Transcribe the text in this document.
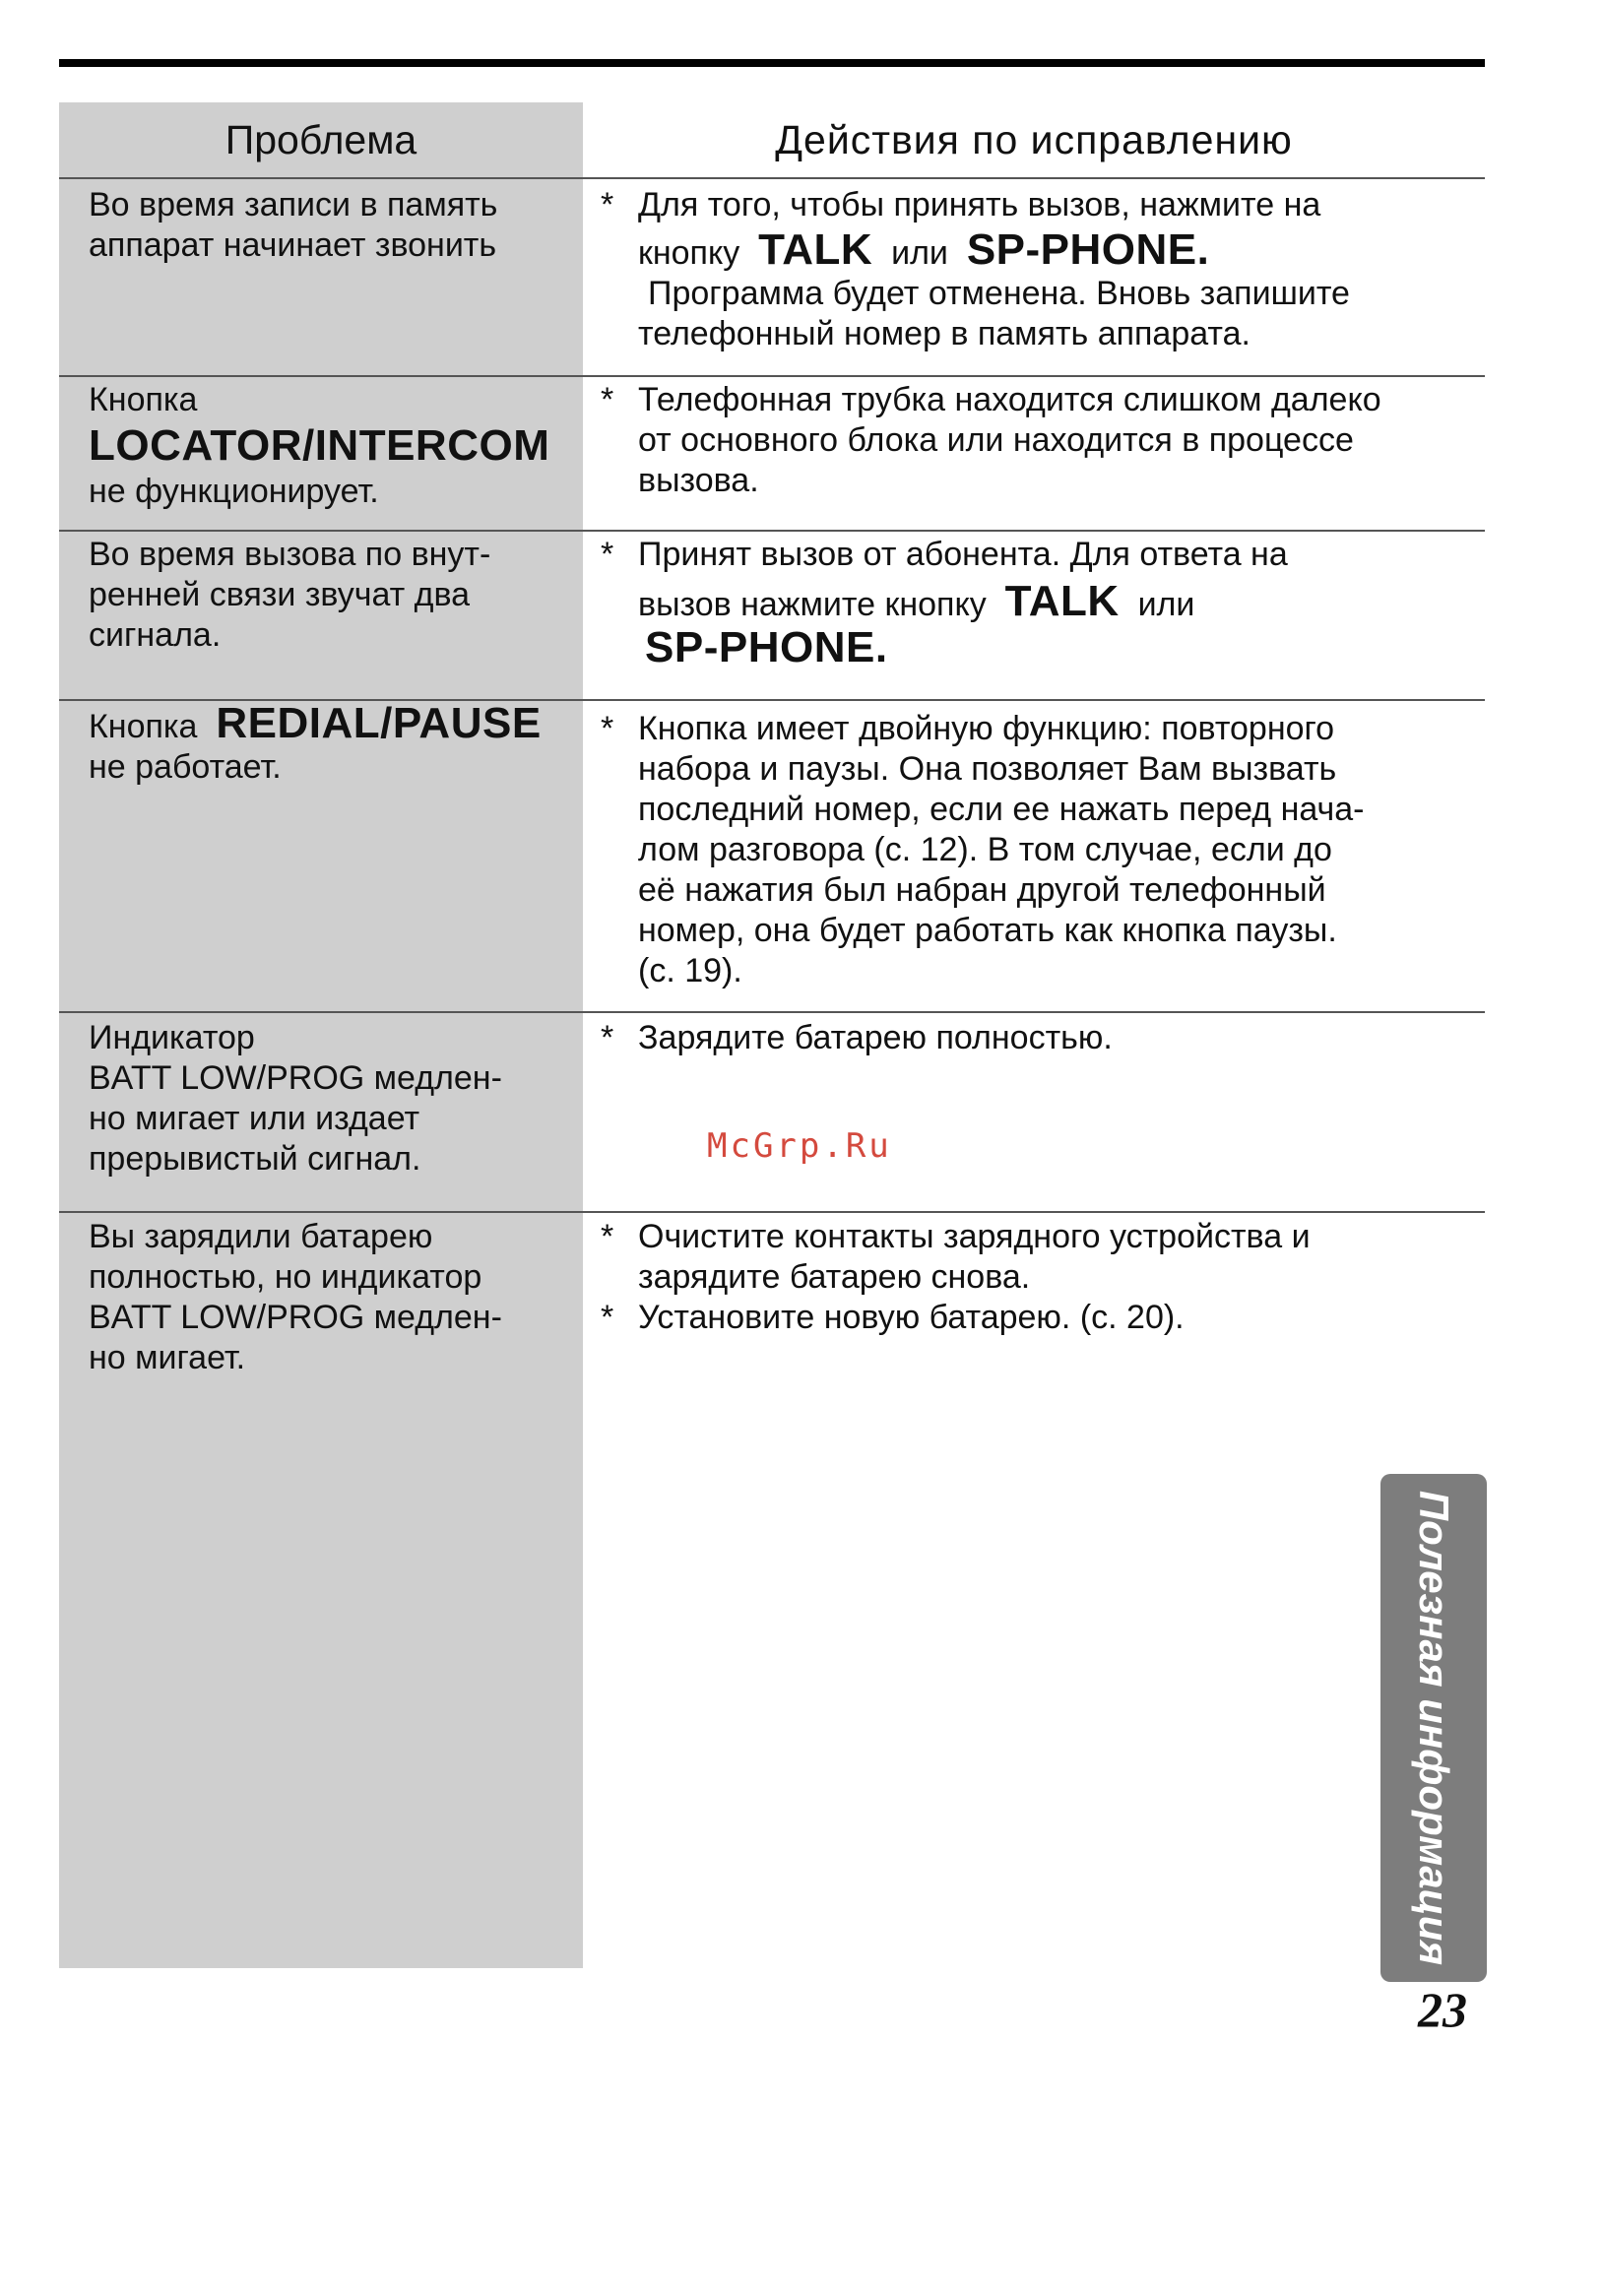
Проблема	Действия по исправлению
Во время записи в память
аппарат начинает звонить
* Для того, чтобы принять вызов, нажмите на
кнопку TALK или SP-PHONE.
Программа будет отменена. Вновь запишите
телефонный номер в память аппарата.
Кнопка
LOCATOR/INTERCOM
не функционирует.
* Телефонная трубка находится слишком далеко
от основного блока или находится в процессе
вызова.
Во время вызова по внут-
ренней связи звучат два
сигнала.
* Принят вызов от абонента. Для ответа на
вызов нажмите кнопку TALK или
SP-PHONE.
Кнопка REDIAL/PAUSE
не работает.
* Кнопка имеет двойную функцию: повторного
набора и паузы. Она позволяет Вам вызвать
последний номер, если ее нажать перед нача-
лом разговора (с. 12). В том случае, если до
её нажатия был набран другой телефонный
номер, она будет работать как кнопка паузы.
(с. 19).
Индикатор
BATT LOW/PROG медлен-
но мигает или издает
прерывистый сигнал.
* Зарядите батарею полностью.
McGrp.Ru
Вы зарядили батарею
полностью, но индикатор
BATT LOW/PROG медлен-
но мигает.
* Очистите контакты зарядного устройства и
зарядите батарею снова.
* Установите новую батарею. (с. 20).
Полезная информация
23
